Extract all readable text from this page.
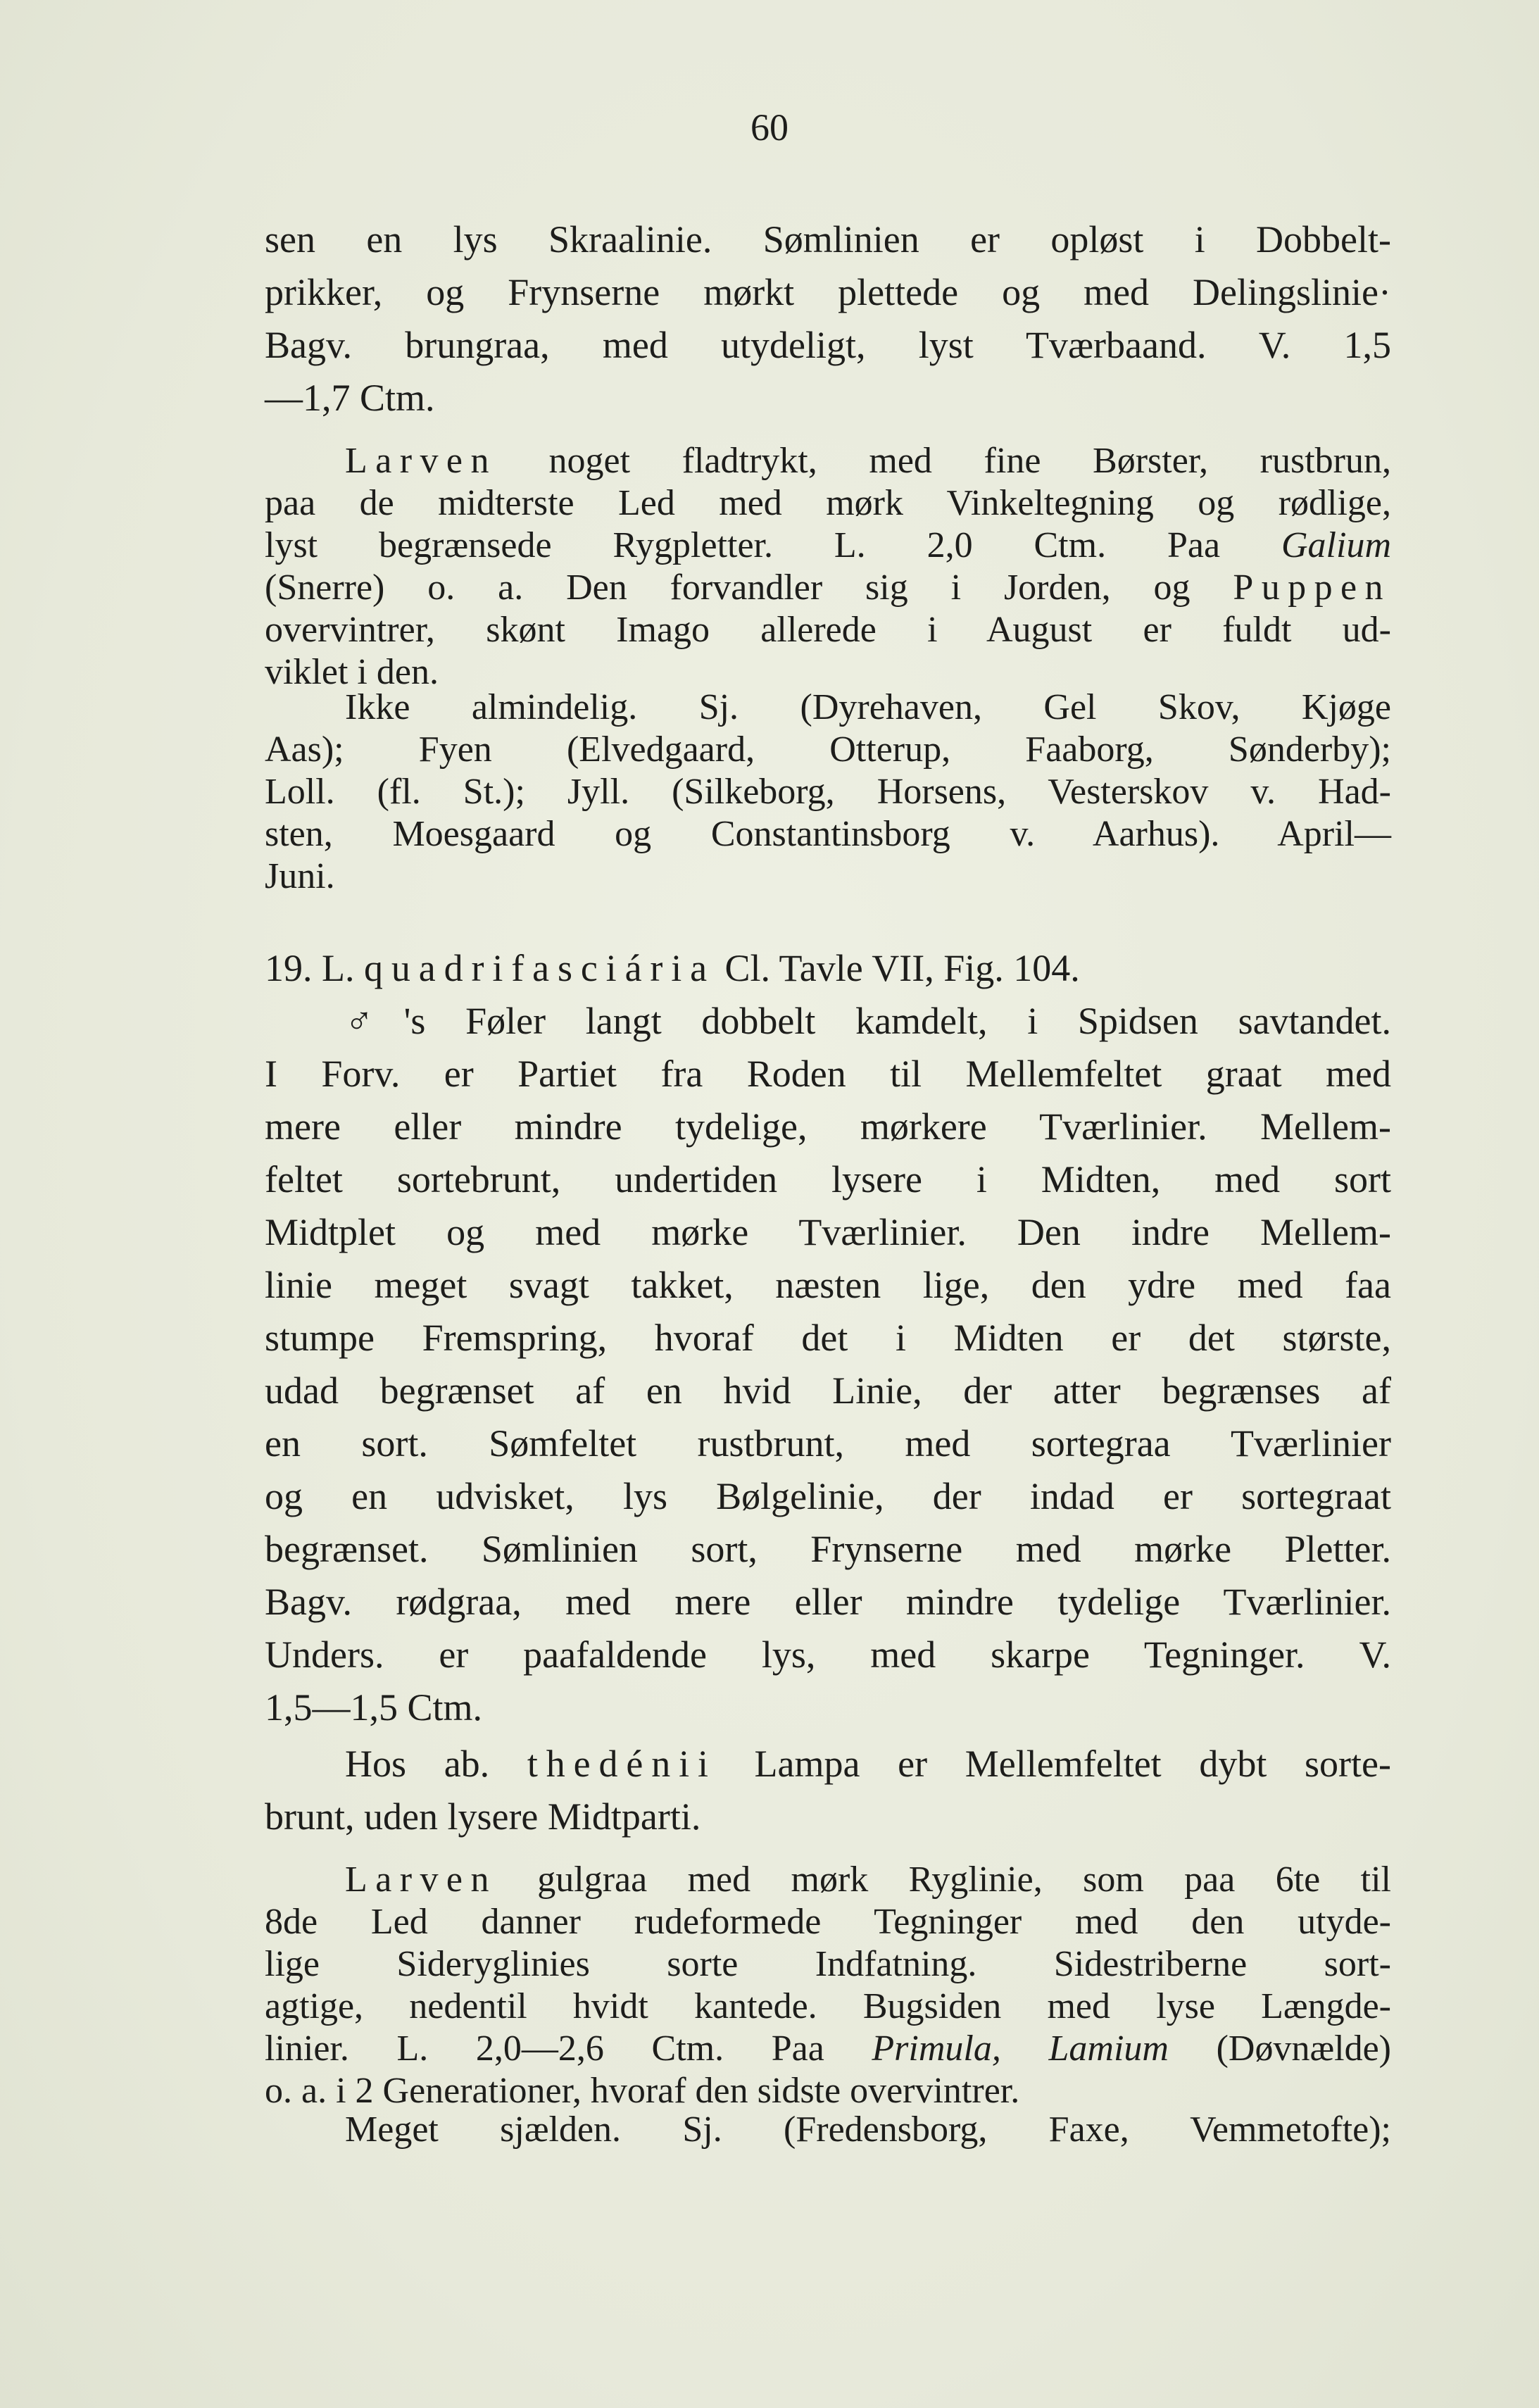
60
sen en lys Skraalinie. Sømlinien er opløst i Dobbelt-
prikker, og Frynserne mørkt plettede og med Delingslinie·
Bagv. brungraa, med utydeligt, lyst Tværbaand. V. 1,5
—1,7 Ctm.
Larven noget fladtrykt, med fine Børster, rustbrun,
paa de midterste Led med mørk Vinkeltegning og rødlige,
lyst begrænsede Rygpletter. L. 2,0 Ctm. Paa Galium
(Snerre) o. a. Den forvandler sig i Jorden, og Puppen
overvintrer, skønt Imago allerede i August er fuldt ud-
viklet i den.
Ikke almindelig. Sj. (Dyrehaven, Gel Skov, Kjøge
Aas); Fyen (Elvedgaard, Otterup, Faaborg, Sønderby);
Loll. (fl. St.); Jyll. (Silkeborg, Horsens, Vesterskov v. Had-
sten, Moesgaard og Constantinsborg v. Aarhus). April—
Juni.
19. L. quadrifasciária Cl. Tavle VII, Fig. 104.
♂'s Føler langt dobbelt kamdelt, i Spidsen savtandet.
I Forv. er Partiet fra Roden til Mellemfeltet graat med
mere eller mindre tydelige, mørkere Tværlinier. Mellem-
feltet sortebrunt, undertiden lysere i Midten, med sort
Midtplet og med mørke Tværlinier. Den indre Mellem-
linie meget svagt takket, næsten lige, den ydre med faa
stumpe Fremspring, hvoraf det i Midten er det største,
udad begrænset af en hvid Linie, der atter begrænses af
en sort. Sømfeltet rustbrunt, med sortegraa Tværlinier
og en udvisket, lys Bølgelinie, der indad er sortegraat
begrænset. Sømlinien sort, Frynserne med mørke Pletter.
Bagv. rødgraa, med mere eller mindre tydelige Tværlinier.
Unders. er paafaldende lys, med skarpe Tegninger. V.
1,5—1,5 Ctm.
Hos ab. thedénii Lampa er Mellemfeltet dybt sorte-
brunt, uden lysere Midtparti.
Larven gulgraa med mørk Ryglinie, som paa 6te til
8de Led danner rudeformede Tegninger med den utyde-
lige Sideryglinies sorte Indfatning. Sidestriberne sort-
agtige, nedentil hvidt kantede. Bugsiden med lyse Længde-
linier. L. 2,0—2,6 Ctm. Paa Primula, Lamium (Døvnælde)
o. a. i 2 Generationer, hvoraf den sidste overvintrer.
Meget sjælden. Sj. (Fredensborg, Faxe, Vemmetofte);
